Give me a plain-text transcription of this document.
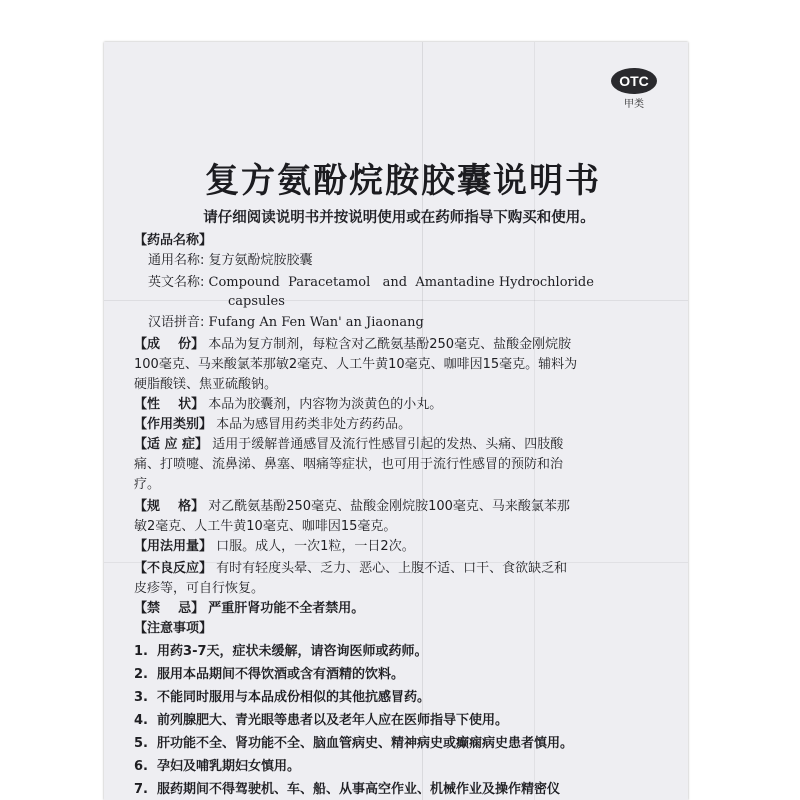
OTC
甲类
复方氨酚烷胺胶囊说明书
请仔细阅读说明书并按说明使用或在药师指导下购买和使用。
【药品名称】
通用名称: 复方氨酚烷胺胶囊
英文名称: Compound  Paracetamol   and  Amantadine Hydrochloride
capsules
汉语拼音: Fufang An Fen Wan' an Jiaonang
【成    份】 本品为复方制剂，每粒含对乙酰氨基酚250毫克、盐酸金刚烷胺
100毫克、马来酸氯苯那敏2毫克、人工牛黄10毫克、咖啡因15毫克。辅料为
硬脂酸镁、焦亚硫酸钠。
【性    状】 本品为胶囊剂，内容物为淡黄色的小丸。
【作用类别】 本品为感冒用药类非处方药药品。
【适 应 症】 适用于缓解普通感冒及流行性感冒引起的发热、头痛、四肢酸
痛、打喷嚏、流鼻涕、鼻塞、咽痛等症状，也可用于流行性感冒的预防和治
疗。
【规    格】 对乙酰氨基酚250毫克、盐酸金刚烷胺100毫克、马来酸氯苯那
敏2毫克、人工牛黄10毫克、咖啡因15毫克。
【用法用量】 口服。成人，一次1粒，一日2次。
【不良反应】 有时有轻度头晕、乏力、恶心、上腹不适、口干、食欲缺乏和
皮疹等，可自行恢复。
【禁    忌】 严重肝肾功能不全者禁用。
【注意事项】
1.  用药3-7天，症状未缓解，请咨询医师或药师。
2.  服用本品期间不得饮酒或含有酒精的饮料。
3.  不能同时服用与本品成份相似的其他抗感冒药。
4.  前列腺肥大、青光眼等患者以及老年人应在医师指导下使用。
5.  肝功能不全、肾功能不全、脑血管病史、精神病史或癫痫病史患者慎用。
6.  孕妇及哺乳期妇女慎用。
7.  服药期间不得驾驶机、车、船、从事高空作业、机械作业及操作精密仪
